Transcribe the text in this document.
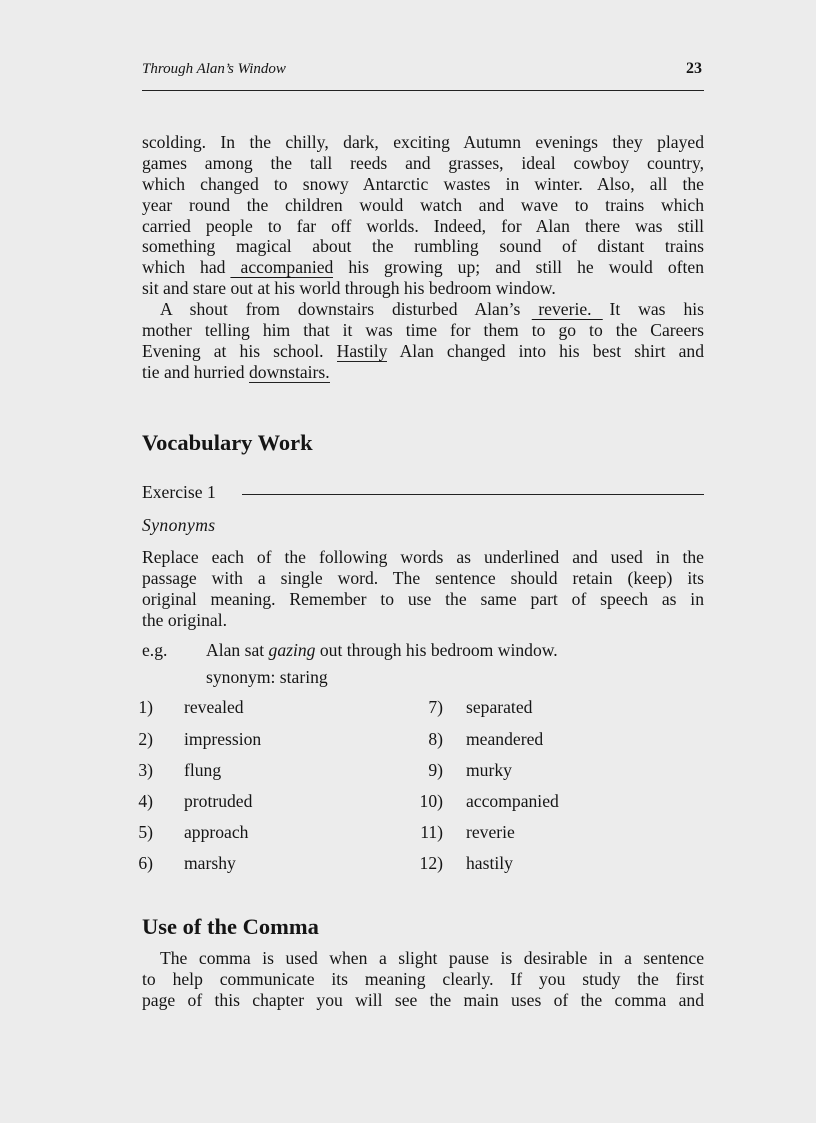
Through Alan’s Window	23
scolding. In the chilly, dark, exciting Autumn evenings they played
games among the tall reeds and grasses, ideal cowboy country,
which changed to snowy Antarctic wastes in winter. Also, all the
year round the children would watch and wave to trains which
carried people to far off worlds. Indeed, for Alan there was still
something magical about the rumbling sound of distant trains
which had accompanied his growing up; and still he would often
sit and stare out at his world through his bedroom window.
A shout from downstairs disturbed Alan’s reverie. It was his
mother telling him that it was time for them to go to the Careers
Evening at his school. Hastily Alan changed into his best shirt and
tie and hurried downstairs.
Vocabulary Work
Exercise 1
Synonyms
Replace each of the following words as underlined and used in the
passage with a single word. The sentence should retain (keep) its
original meaning. Remember to use the same part of speech as in
the original.
e.g. Alan sat gazing out through his bedroom window.
synonym: staring
1) revealed
2) impression
3) flung
4) protruded
5) approach
6) marshy
7) separated
8) meandered
9) murky
10) accompanied
11) reverie
12) hastily
Use of the Comma
The comma is used when a slight pause is desirable in a sentence
to help communicate its meaning clearly. If you study the first
page of this chapter you will see the main uses of the comma and
